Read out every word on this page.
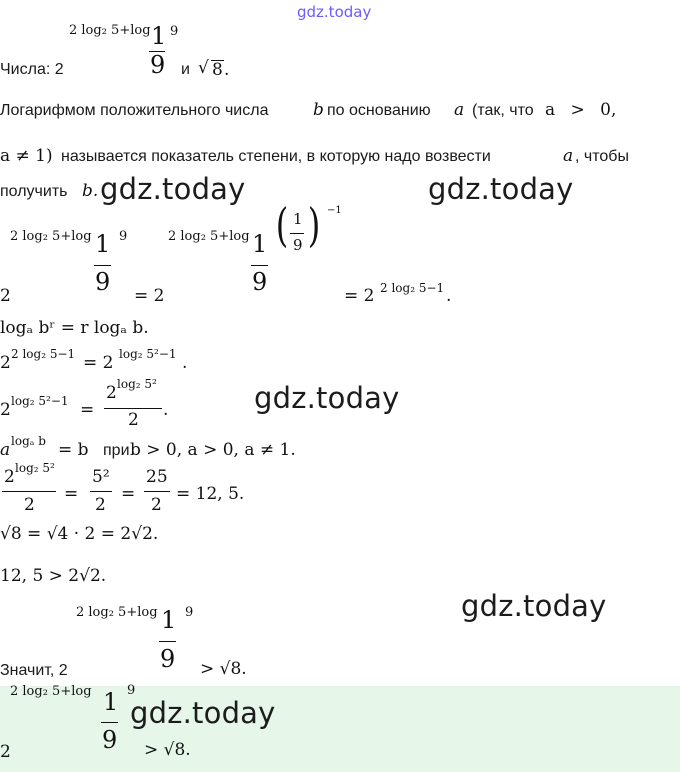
gdz.today
Числа: 2
2 log₂ 5+log 1
9
9
и √ 8 .
Логарифмом положительного числа	b по основанию a (так, что a > 0,
a ≠ 1) называется показатель степени, в которую надо возвести	a , чтобы
получить b. gdz.today	gdz.today
2 log₂ 5+log 1
9
9
2	= 2
2 log₂ 5+log 1
9
( 1
9 ) −1
= 2 2 log₂ 5−1 .
logₐ bʳ = r logₐ b.
2 2 log₂ 5−1 = 2 log₂ 5²−1 .
2 log₂ 5²−1 =
2 log₂ 5²
2 .	gdz.today
a logₐ b = b при b > 0, a > 0, a ≠ 1.
2 log₂ 5²
2
=
5²
2
=
25
2
= 12, 5.
√8 = √4 · 2 = 2√2.
12, 5 > 2√2.
gdz.today
Значит, 2
2 log₂ 5+log 1
9
9
> √8.
2 log₂ 5+log 1
9
9
2	> √8.
gdz.today
